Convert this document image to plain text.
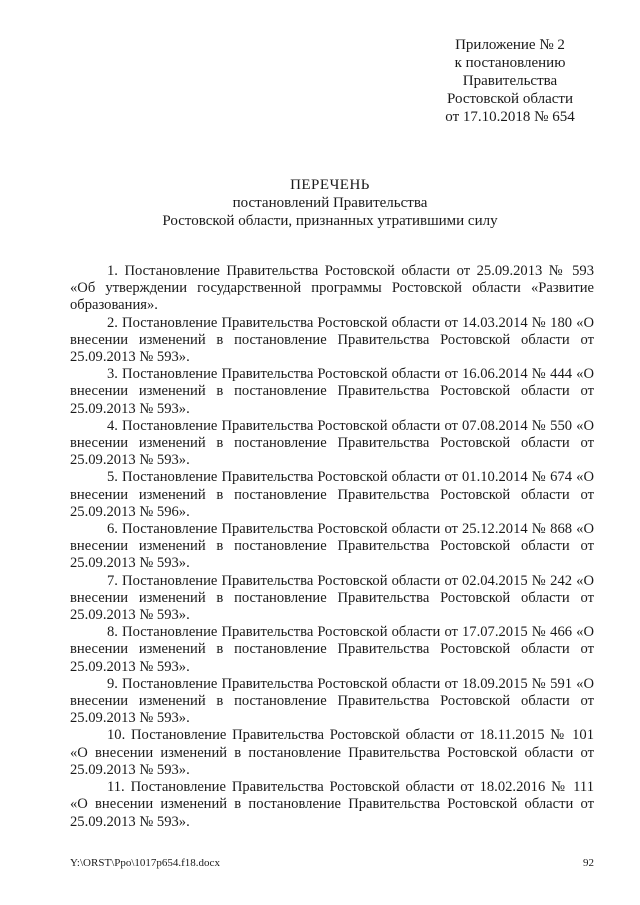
Приложение № 2
к постановлению
Правительства
Ростовской области
от 17.10.2018 № 654
ПЕРЕЧЕНЬ
постановлений Правительства
Ростовской области, признанных утратившими силу

1. Постановление Правительства Ростовской области от 25.09.2013 № 593 «Об утверждении государственной программы Ростовской области «Развитие образования».

2. Постановление Правительства Ростовской области от 14.03.2014 № 180 «О внесении изменений в постановление Правительства Ростовской области от 25.09.2013 № 593».

3. Постановление Правительства Ростовской области от 16.06.2014 № 444 «О внесении изменений в постановление Правительства Ростовской области от 25.09.2013 № 593».

4. Постановление Правительства Ростовской области от 07.08.2014 № 550 «О внесении изменений в постановление Правительства Ростовской области от 25.09.2013 № 593».

5. Постановление Правительства Ростовской области от 01.10.2014 № 674 «О внесении изменений в постановление Правительства Ростовской области от 25.09.2013 № 596».

6. Постановление Правительства Ростовской области от 25.12.2014 № 868 «О внесении изменений в постановление Правительства Ростовской области от 25.09.2013 № 593».

7. Постановление Правительства Ростовской области от 02.04.2015 № 242 «О внесении изменений в постановление Правительства Ростовской области от 25.09.2013 № 593».

8. Постановление Правительства Ростовской области от 17.07.2015 № 466 «О внесении изменений в постановление Правительства Ростовской области от 25.09.2013 № 593».

9. Постановление Правительства Ростовской области от 18.09.2015 № 591 «О внесении изменений в постановление Правительства Ростовской области от 25.09.2013 № 593».

10. Постановление Правительства Ростовской области от 18.11.2015 № 101 «О внесении изменений в постановление Правительства Ростовской области от 25.09.2013 № 593».

11. Постановление Правительства Ростовской области от 18.02.2016 № 111 «О внесении изменений в постановление Правительства Ростовской области от 25.09.2013 № 593».

Y:\ORST\Ppo\1017p654.f18.docx	92
